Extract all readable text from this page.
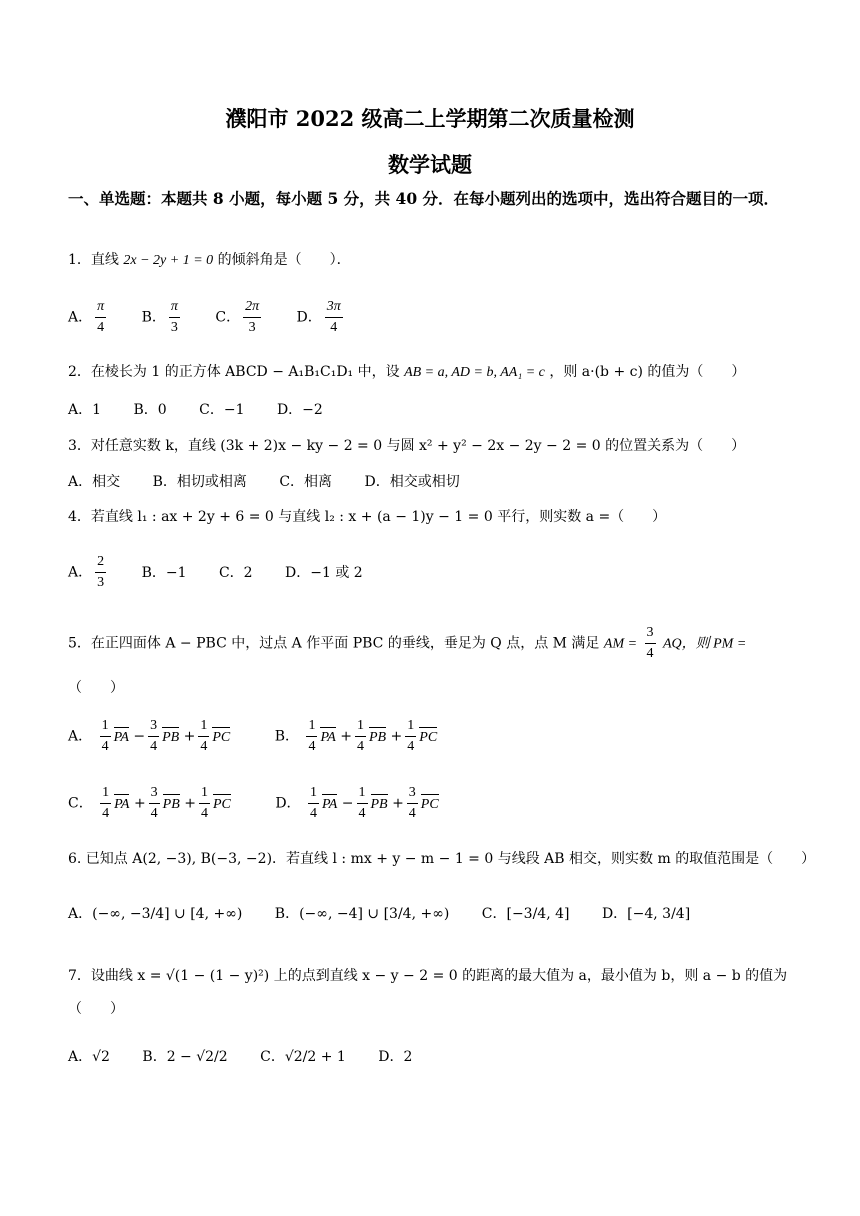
濮阳市 2022 级高二上学期第二次质量检测
数学试题
一、单选题：本题共 8 小题，每小题 5 分，共 40 分．在每小题列出的选项中，选出符合题目的一项．
1．直线 2x − 2y + 1 = 0 的倾斜角是（　　）．
A． $\frac{\pi}{4}$	B． $\frac{\pi}{3}$	C． $\frac{2\pi}{3}$	D． $\frac{3\pi}{4}$
2．在棱长为 1 的正方体 ABCD − A₁B₁C₁D₁ 中，设 AB = a, AD = b, AA₁ = c ，则 a·(b + c) 的值为（　　）
A．1 B．0 C．−1 D．−2
3．对任意实数 k，直线 (3k + 2)x − ky − 2 = 0 与圆 x² + y² − 2x − 2y − 2 = 0 的位置关系为（　　）
A．相交 B．相切或相离 C．相离 D．相交或相切
4．若直线 l₁ : ax + 2y + 6 = 0 与直线 l₂ : x + (a − 1)y − 1 = 0 平行，则实数 a =（　　）
A． $\frac{2}{3}$	B．−1 C．2 D．−1 或 2
5．在正四面体 A − PBC 中，过点 A 作平面 PBC 的垂线，垂足为 Q 点，点 M 满足 AM = $\frac{3}{4}$ AQ，则 PM =
（　　）
A． $\frac{1}{4}$ PA − $\frac{3}{4}$ PB + $\frac{1}{4}$ PC	B． $\frac{1}{4}$ PA + $\frac{1}{4}$ PB + $\frac{1}{4}$ PC
C． $\frac{1}{4}$ PA + $\frac{3}{4}$ PB + $\frac{1}{4}$ PC	D． $\frac{1}{4}$ PA − $\frac{1}{4}$ PB + $\frac{3}{4}$ PC
6. 已知点 A(2, −3), B(−3, −2)．若直线 l : mx + y − m − 1 = 0 与线段 AB 相交，则实数 m 的取值范围是（　　）
A．(−∞, −3/4] ∪ [4, +∞) B．(−∞, −4] ∪ [3/4, +∞) C．[−3/4, 4] D．[−4, 3/4]
7．设曲线 x = √(1 − (1 − y)²) 上的点到直线 x − y − 2 = 0 的距离的最大值为 a，最小值为 b，则 a − b 的值为
（　　）
A．√2 B．2 − √2/2 C．√2/2 + 1 D．2
